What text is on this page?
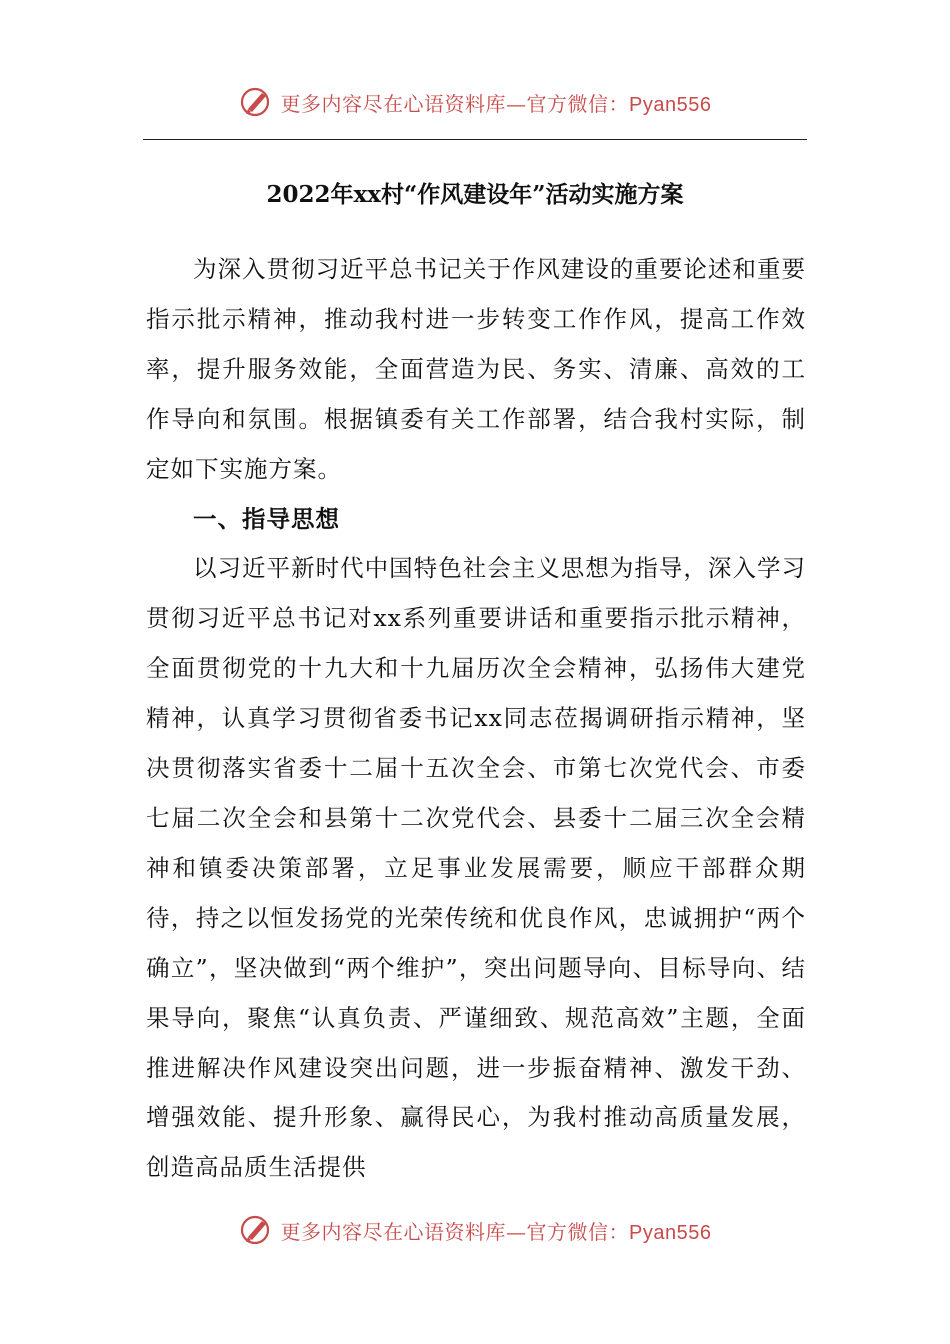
更多内容尽在心语资料库—官方微信：Pyan556
2022年xx村“作风建设年”活动实施方案

为深入贯彻习近平总书记关于作风建设的重要论述和重要指示批示精神，推动我村进一步转变工作作风，提高工作效率，提升服务效能，全面营造为民、务实、清廉、高效的工作导向和氛围。根据镇委有关工作部署，结合我村实际，制定如下实施方案。

一、指导思想

以习近平新时代中国特色社会主义思想为指导，深入学习贯彻习近平总书记对xx系列重要讲话和重要指示批示精神，全面贯彻党的十九大和十九届历次全会精神，弘扬伟大建党精神，认真学习贯彻省委书记xx同志莅揭调研指示精神，坚决贯彻落实省委十二届十五次全会、市第七次党代会、市委七届二次全会和县第十二次党代会、县委十二届三次全会精神和镇委决策部署，立足事业发展需要，顺应干部群众期待，持之以恒发扬党的光荣传统和优良作风，忠诚拥护“两个确立”，坚决做到“两个维护”，突出问题导向、目标导向、结果导向，聚焦“认真负责、严谨细致、规范高效”主题，全面推进解决作风建设突出问题，进一步振奋精神、激发干劲、增强效能、提升形象、赢得民心，为我村推动高质量发展，创造高品质生活提供

更多内容尽在心语资料库—官方微信：Pyan556
